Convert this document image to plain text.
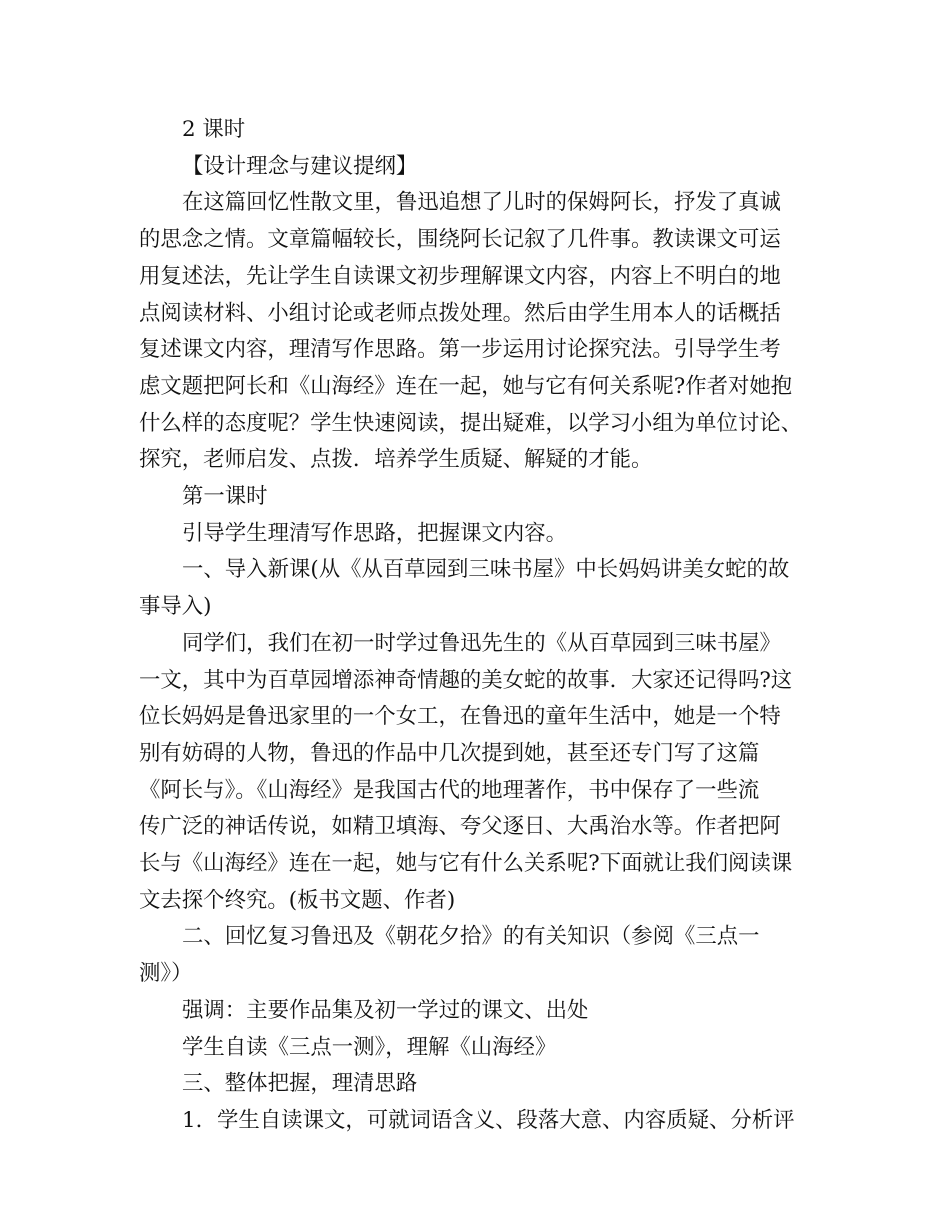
2 课时

【设计理念与建议提纲】

在这篇回忆性散文里，鲁迅追想了儿时的保姆阿长，抒发了真诚

的思念之情。文章篇幅较长，围绕阿长记叙了几件事。教读课文可运

用复述法，先让学生自读课文初步理解课文内容，内容上不明白的地

点阅读材料、小组讨论或老师点拨处理。然后由学生用本人的话概括

复述课文内容，理清写作思路。第一步运用讨论探究法。引导学生考

虑文题把阿长和《山海经》连在一起，她与它有何关系呢?作者对她抱

什么样的态度呢？学生快速阅读，提出疑难，以学习小组为单位讨论、

探究，老师启发、点拨．培养学生质疑、解疑的才能。

第一课时

引导学生理清写作思路，把握课文内容。

一、导入新课(从《从百草园到三味书屋》中长妈妈讲美女蛇的故

事导入)

同学们，我们在初一时学过鲁迅先生的《从百草园到三味书屋》

一文，其中为百草园增添神奇情趣的美女蛇的故事．大家还记得吗?这

位长妈妈是鲁迅家里的一个女工，在鲁迅的童年生活中，她是一个特

别有妨碍的人物，鲁迅的作品中几次提到她，甚至还专门写了这篇

《阿长与》。《山海经》是我国古代的地理著作，书中保存了一些流

传广泛的神话传说，如精卫填海、夸父逐日、大禹治水等。作者把阿

长与《山海经》连在一起，她与它有什么关系呢?下面就让我们阅读课

文去探个终究。(板书文题、作者)

二、回忆复习鲁迅及《朝花夕拾》的有关知识（参阅《三点一

测》）

强调：主要作品集及初一学过的课文、出处

学生自读《三点一测》，理解《山海经》

三、整体把握，理清思路

1．学生自读课文，可就词语含义、段落大意、内容质疑、分析评
